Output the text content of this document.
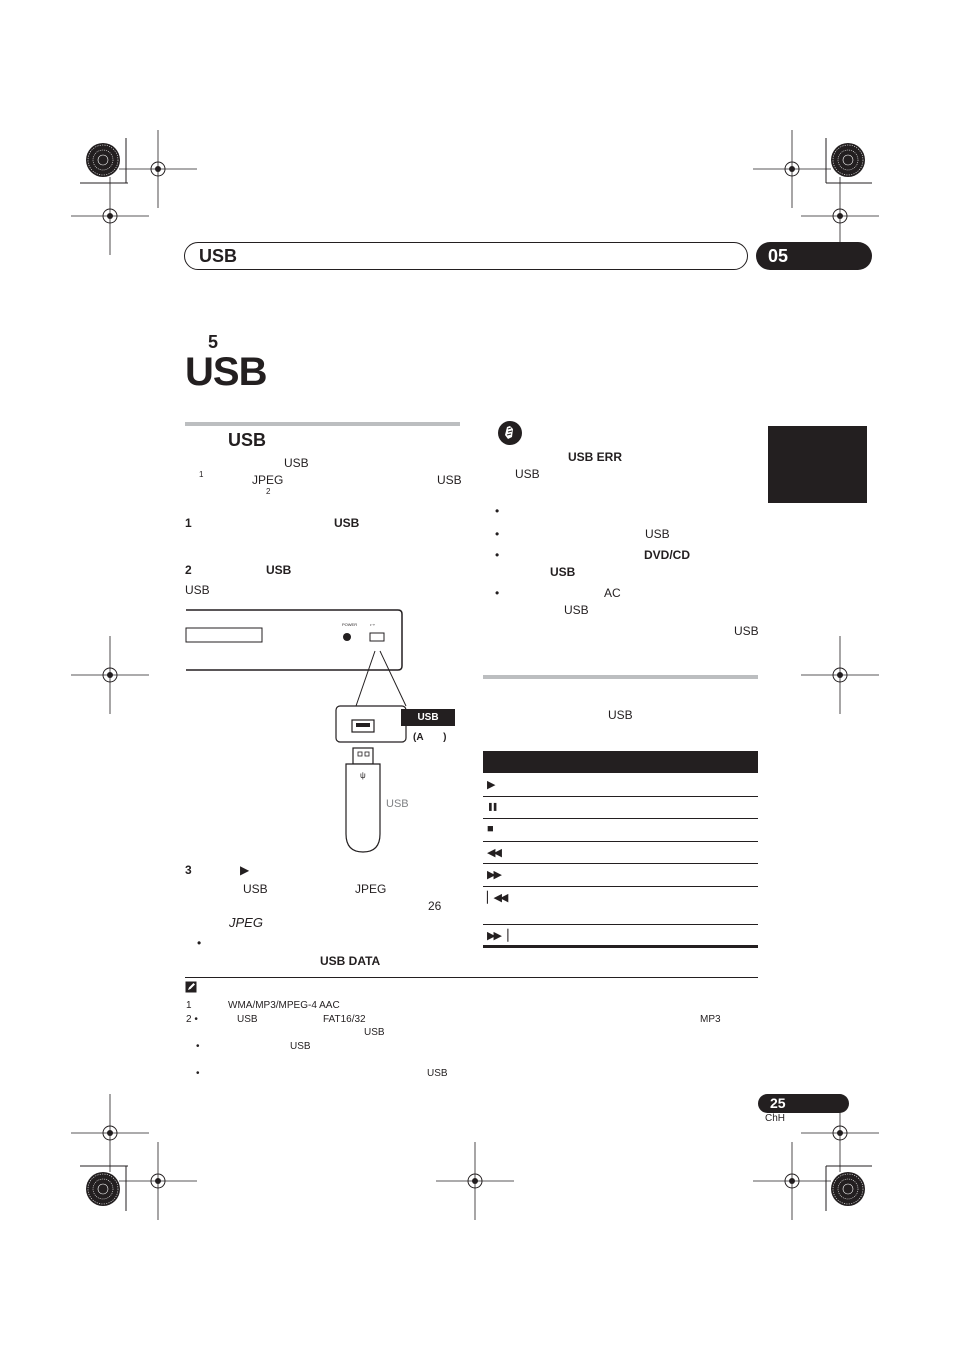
USB	05
5
USB
USB
USB
1	JPEG	USB
2
1	USB
2	USB
USB
POWER	•⇢
ψ
USB
(A　　)
USB
3	▶
USB	JPEG
26
JPEG
•
USB DATA
USB ERR
USB
•
•	USB
•	DVD/CD
USB
•	AC
USB
USB
USB
▶
❚❚
■
◀◀
▶▶
▏◀◀
▶▶▕
1	WMA/MP3/MPEG-4 AAC
2 •	USB	FAT16/32	MP3
USB
•	USB
•	USB
25
ChH
